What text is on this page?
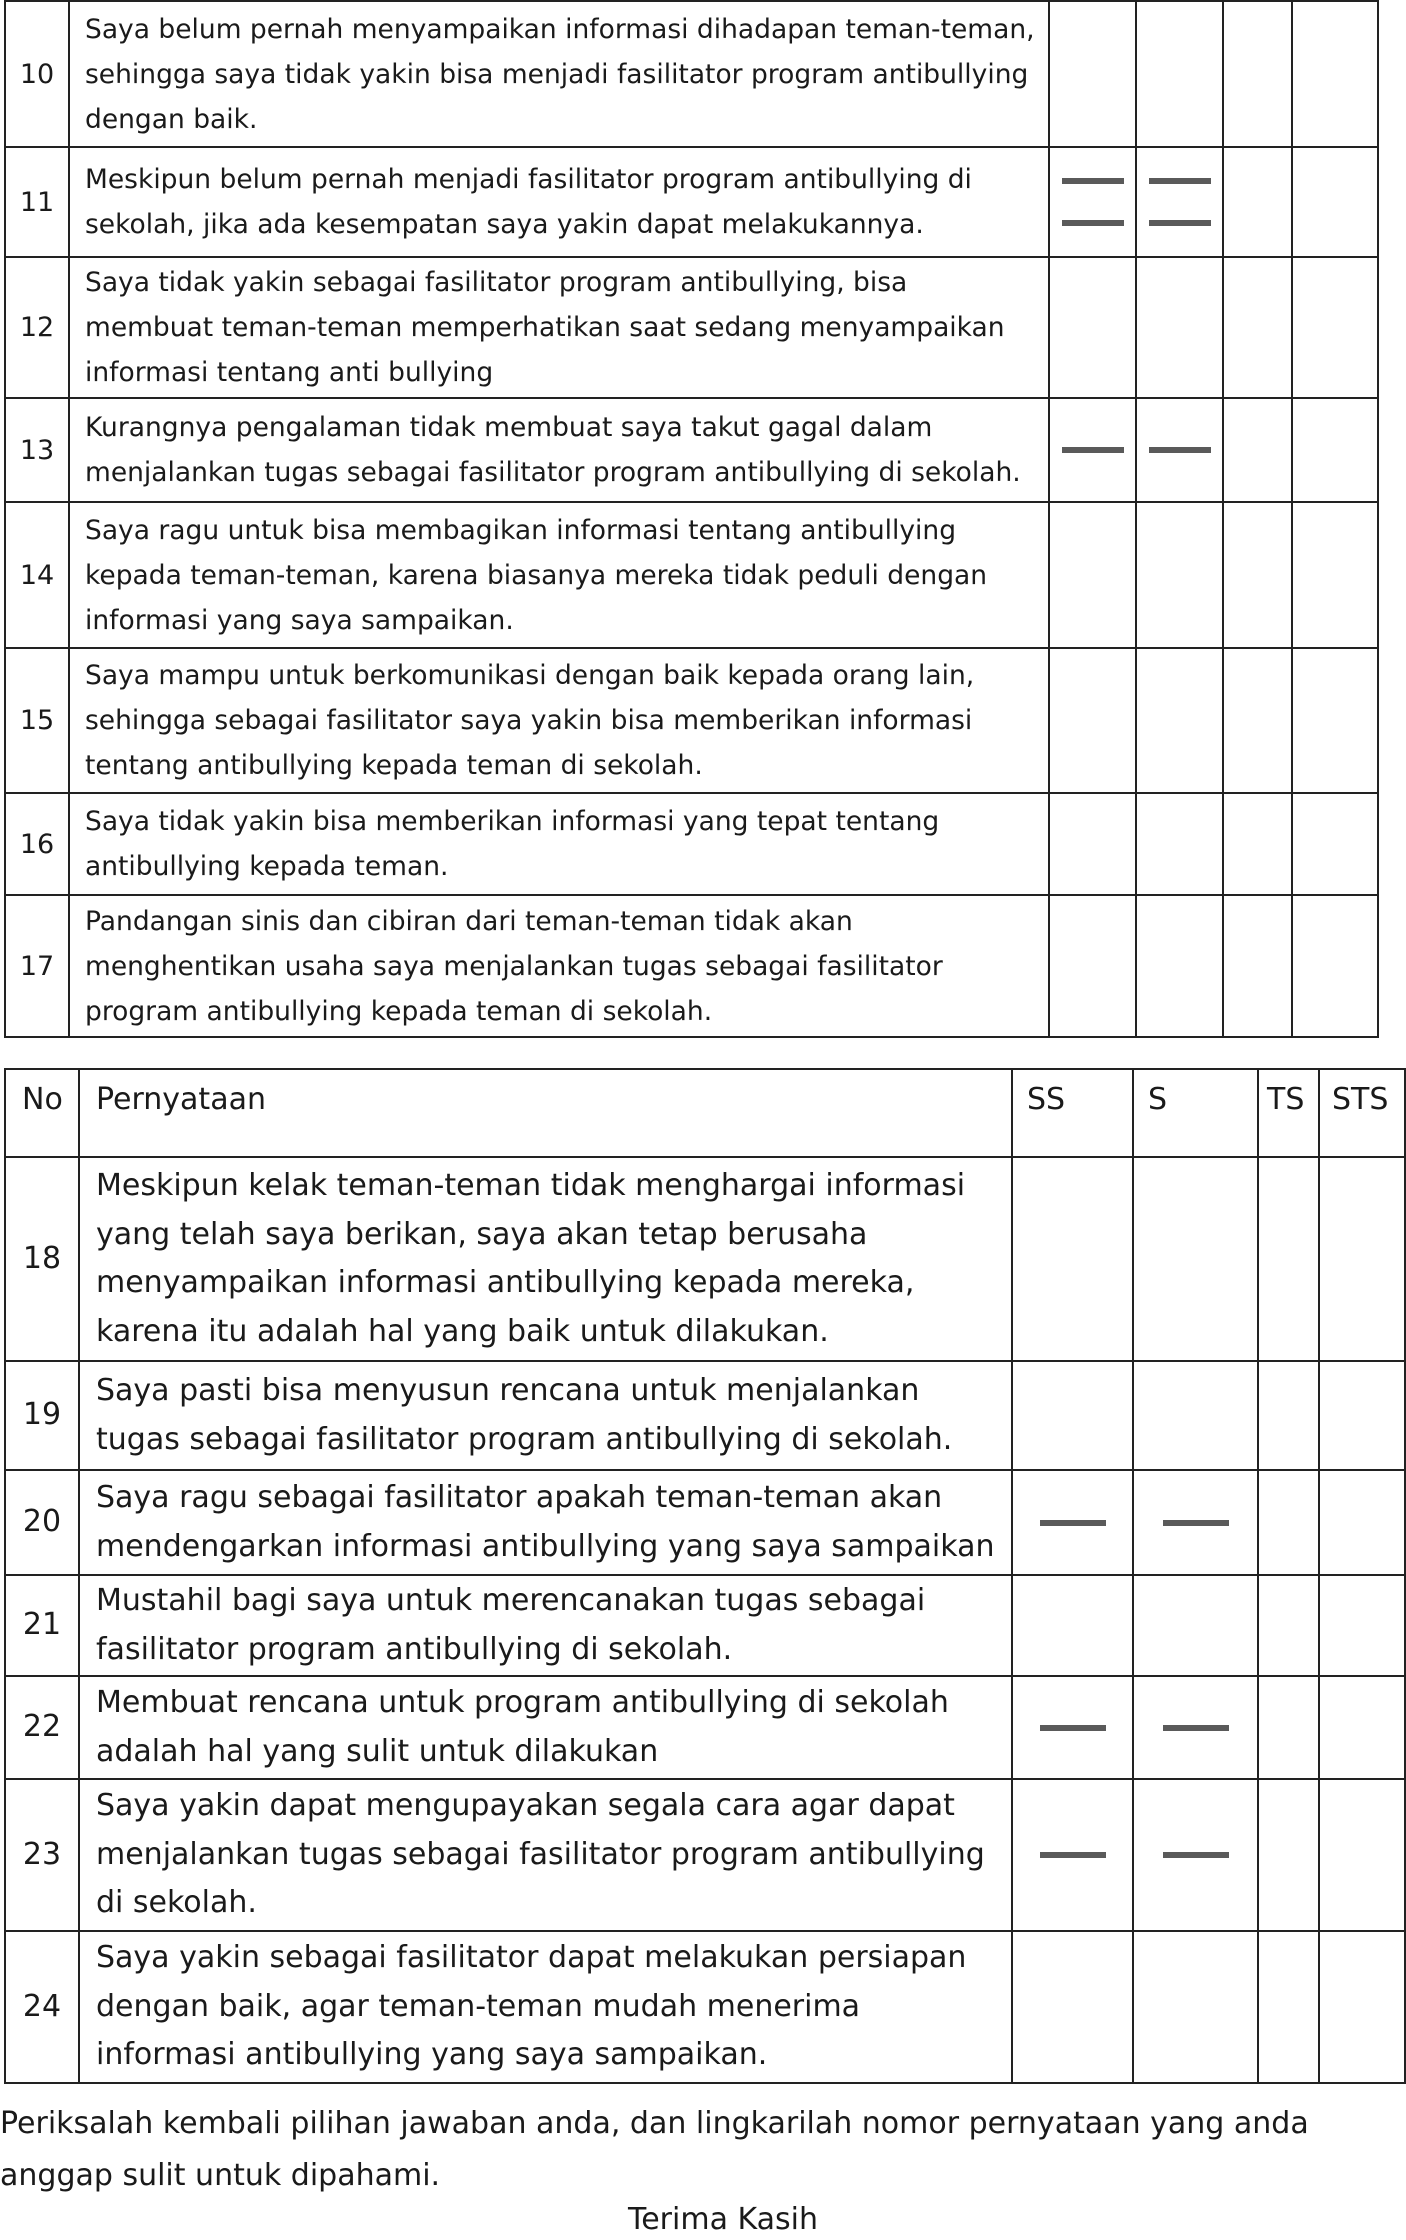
10	Saya belum pernah menyampaikan informasi dihadapan teman-teman, sehingga saya tidak yakin bisa menjadi fasilitator program antibullying dengan baik.				
11	Meskipun belum pernah menjadi fasilitator program antibullying di sekolah, jika ada kesempatan saya yakin dapat melakukannya.	

12	Saya tidak yakin sebagai fasilitator program antibullying, bisa membuat teman-teman memperhatikan saat sedang menyampaikan informasi tentang anti bullying				
13	Kurangnya pengalaman tidak membuat saya takut gagal dalam menjalankan tugas sebagai fasilitator program antibullying di sekolah.	

14	Saya ragu untuk bisa membagikan informasi tentang antibullying kepada teman-teman, karena biasanya mereka tidak peduli dengan informasi yang saya sampaikan.				
15	Saya mampu untuk berkomunikasi dengan baik kepada orang lain, sehingga sebagai fasilitator saya yakin bisa memberikan informasi tentang antibullying kepada teman di sekolah.				
16	Saya tidak yakin bisa memberikan informasi yang tepat tentang antibullying kepada teman.				
17	Pandangan sinis dan cibiran dari teman-teman tidak akan menghentikan usaha saya menjalankan tugas sebagai fasilitator program antibullying kepada teman di sekolah.				
No	Pernyataan	SS	S	TS	STS
18	Meskipun kelak teman-teman tidak menghargai informasi yang telah saya berikan, saya akan tetap berusaha menyampaikan informasi antibullying kepada mereka, karena itu adalah hal yang baik untuk dilakukan.				
19	Saya pasti bisa menyusun rencana untuk menjalankan tugas sebagai fasilitator program antibullying di sekolah.				
20	Saya ragu sebagai fasilitator apakah teman-teman akan mendengarkan informasi antibullying yang saya sampaikan	

21	Mustahil bagi saya untuk merencanakan tugas sebagai fasilitator program antibullying di sekolah.				
22	Membuat rencana untuk program antibullying di sekolah adalah hal yang sulit untuk dilakukan	

23	Saya yakin dapat mengupayakan segala cara agar dapat menjalankan tugas sebagai fasilitator program antibullying di sekolah.	

24	Saya yakin sebagai fasilitator dapat melakukan persiapan dengan baik, agar teman-teman mudah menerima informasi antibullying yang saya sampaikan.				

Periksalah kembali pilihan jawaban anda, dan lingkarilah nomor pernyataan yang anda anggap sulit untuk dipahami.

Terima Kasih
